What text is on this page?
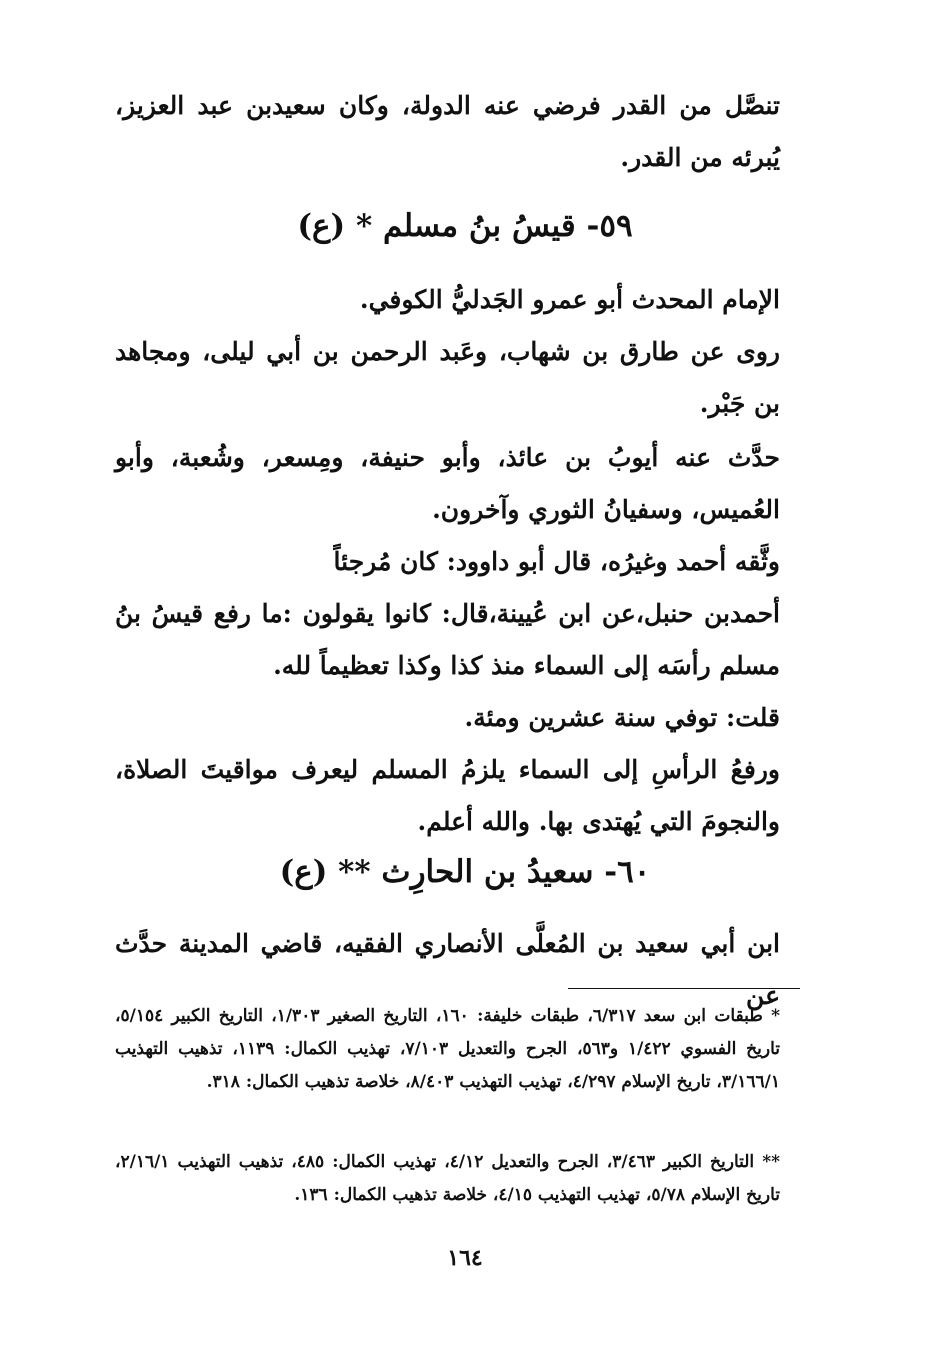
تنصَّل من القدر فرضي عنه الدولة، وكان سعيدبن عبد العزيز، يُبرئه من القدر.

٥٩- قيسُ بنُ مسلم * (ع)

الإمام المحدث أبو عمرو الجَدليُّ الكوفي.

روى عن طارق بن شهاب، وعَبد الرحمن بن أبي ليلى، ومجاهد بن جَبْر.

حدَّث عنه أيوبُ بن عائذ، وأبو حنيفة، ومِسعر، وشُعبة، وأبو العُميس، وسفيانُ الثوري وآخرون.

وثَّقه أحمد وغيرُه، قال أبو داوود: كان مُرجئاً

أحمدبن حنبل،عن ابن عُيينة،قال: كانوا يقولون :ما رفع قيسُ بنُ مسلم رأسَه إلى السماء منذ كذا وكذا تعظيماً لله.

قلت: توفي سنة عشرين ومئة.

ورفعُ الرأسِ إلى السماء يلزمُ المسلم ليعرف مواقيتَ الصلاة، والنجومَ التي يُهتدى بها. والله أعلم.

٦٠- سعيدُ بن الحارِث ** (ع)

ابن أبي سعيد بن المُعلَّى الأنصاري الفقيه، قاضي المدينة حدَّث عن

* طبقات ابن سعد ٦/٣١٧، طبقات خليفة: ١٦٠، التاريخ الصغير ١/٣٠٣، التاريخ الكبير ٥/١٥٤، تاريخ الفسوي ١/٤٢٢ و٥٦٣، الجرح والتعديل ٧/١٠٣، تهذيب الكمال: ١١٣٩، تذهيب التهذيب ٣/١٦٦/١، تاريخ الإسلام ٤/٢٩٧، تهذيب التهذيب ٨/٤٠٣، خلاصة تذهيب الكمال: ٣١٨.

** التاريخ الكبير ٣/٤٦٣، الجرح والتعديل ٤/١٢، تهذيب الكمال: ٤٨٥، تذهيب التهذيب ٢/١٦/١، تاريخ الإسلام ٥/٧٨، تهذيب التهذيب ٤/١٥، خلاصة تذهيب الكمال: ١٣٦.

١٦٤
